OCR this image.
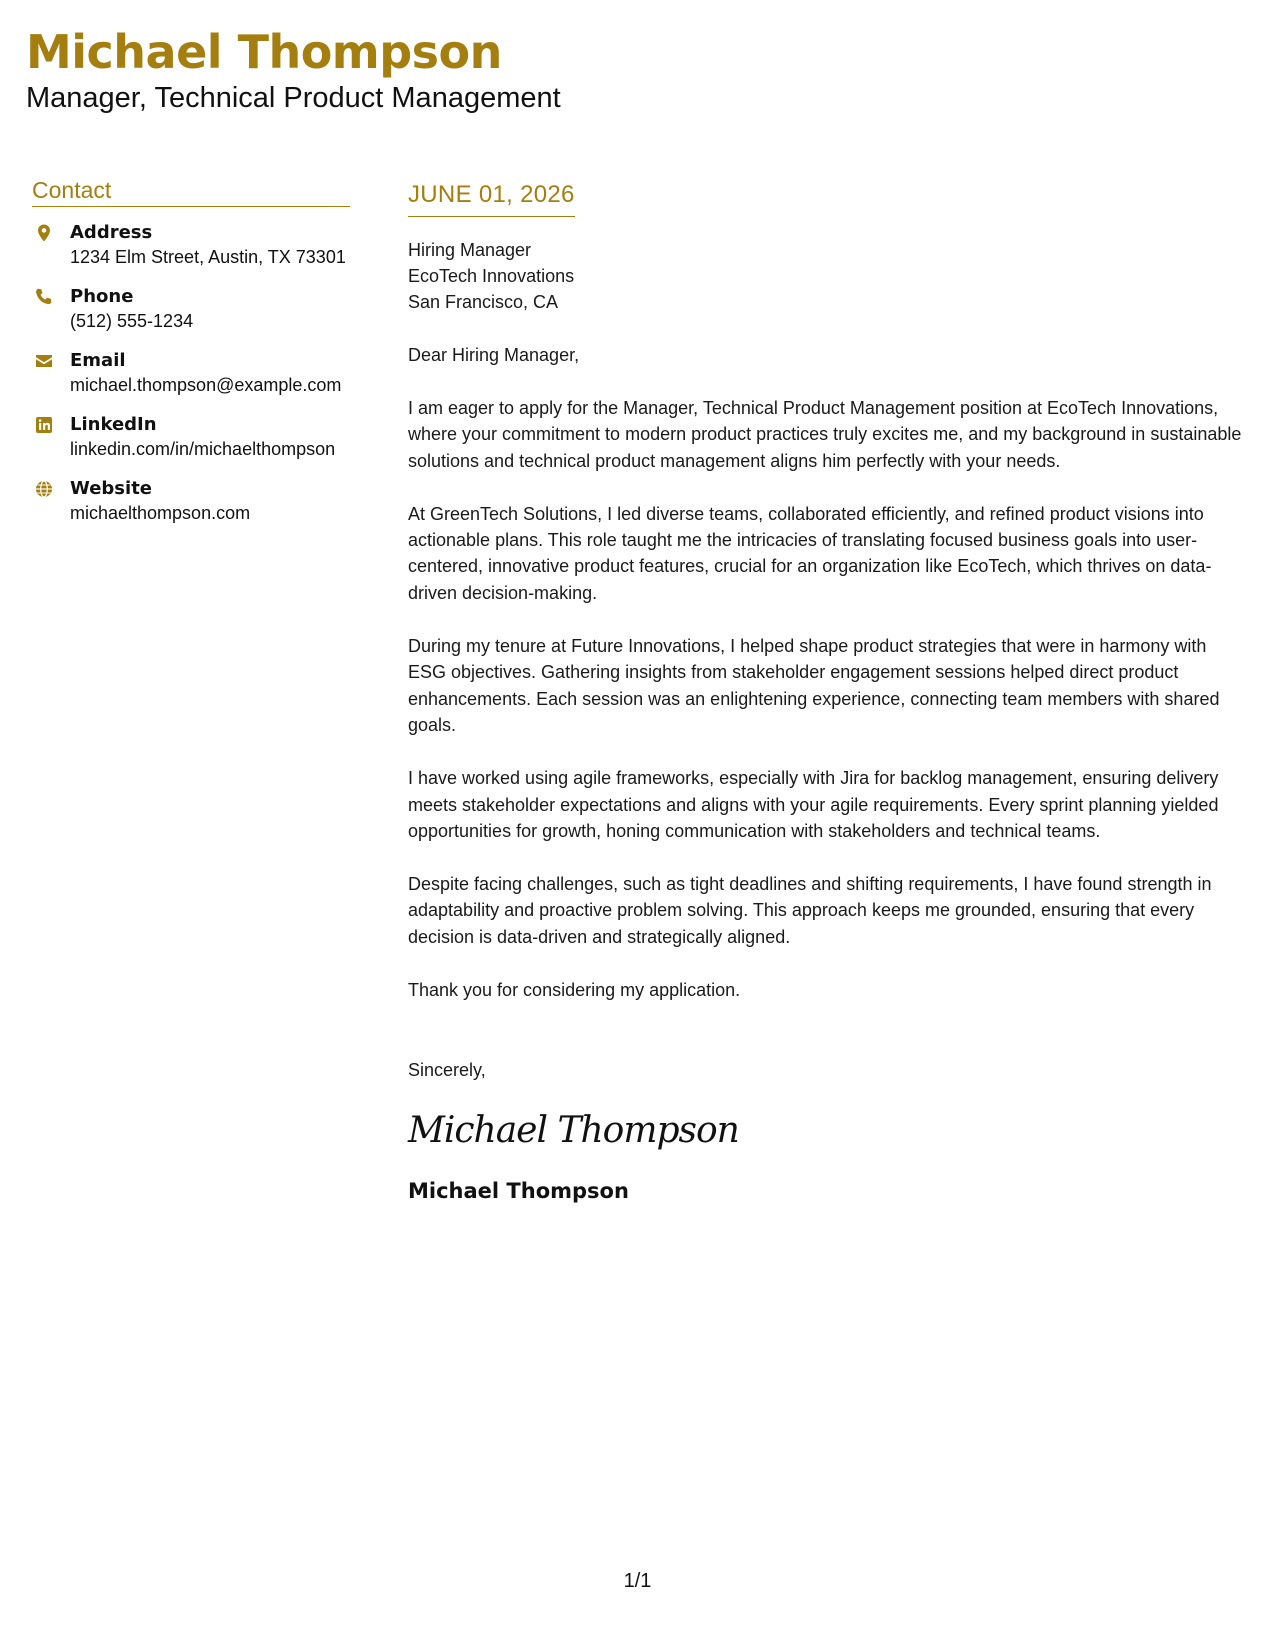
Michael Thompson
Manager, Technical Product Management
Contact
Address
1234 Elm Street, Austin, TX 73301
Phone
(512) 555-1234
Email
michael.thompson@example.com
LinkedIn
linkedin.com/in/michaelthompson
Website
michaelthompson.com
JUNE 01, 2026
Hiring Manager
EcoTech Innovations
San Francisco, CA
Dear Hiring Manager,
I am eager to apply for the Manager, Technical Product Management position at EcoTech Innovations, where your commitment to modern product practices truly excites me, and my background in sustainable solutions and technical product management aligns him perfectly with your needs.
At GreenTech Solutions, I led diverse teams, collaborated efficiently, and refined product visions into actionable plans. This role taught me the intricacies of translating focused business goals into user-centered, innovative product features, crucial for an organization like EcoTech, which thrives on data-driven decision-making.
During my tenure at Future Innovations, I helped shape product strategies that were in harmony with ESG objectives. Gathering insights from stakeholder engagement sessions helped direct product enhancements. Each session was an enlightening experience, connecting team members with shared goals.
I have worked using agile frameworks, especially with Jira for backlog management, ensuring delivery meets stakeholder expectations and aligns with your agile requirements. Every sprint planning yielded opportunities for growth, honing communication with stakeholders and technical teams.
Despite facing challenges, such as tight deadlines and shifting requirements, I have found strength in adaptability and proactive problem solving. This approach keeps me grounded, ensuring that every decision is data-driven and strategically aligned.
Thank you for considering my application.
Sincerely,
Michael Thompson
Michael Thompson
1/1
